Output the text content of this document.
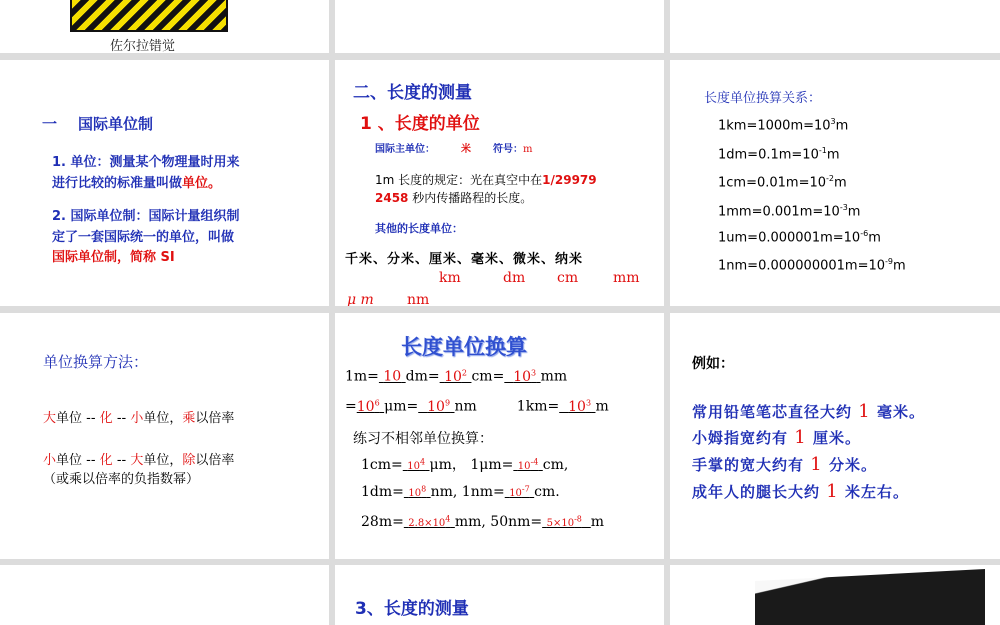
佐尔拉错觉
一 国际单位制
1. 单位：测量某个物理量时用来
进行比较的标准量叫做单位。
2. 国际单位制：国际计量组织制
定了一套国际统一的单位，叫做
国际单位制，简称 SI
二、长度的测量
1 、长度的单位
国际主单位：	米 符号：m
1m 长度的规定：光在真空中在1/29979
2458 秒内传播路程的长度。
其他的长度单位：
千米、分米、厘米、毫米、微米、纳米
km	dm cm mm
μ m nm
长度单位换算关系：
$1km=1000m=10^3m$
$1dm=0.1m=10^{-1}m$
$1cm=0.01m=10^{-2}m$
$1mm=0.001m=10^{-3}m$
$1um=0.000001m=10^{-6}m$
$1nm=0.000000001m=10^{-9}m$
单位换算方法：
大单位 -- 化 -- 小单位，乘以倍率
小单位 -- 化 -- 大单位，除以倍率
（或乘以倍率的负指数幂）
长度单位换算
1m= 10 $dm= 10^2$ $cm= 10^3$ mm
$=10^6$ $\mu m= 10^9$ nm	$1km= 10^3$ m
练习不相邻单位换算：
$1cm= 10^4$ μm， $1\mu m= 10^{-4}$ cm,
$1dm= 10^8$ nm, $1nm= 10^{-7}$ cm.
$28m= 2.8\times 10^4$ mm, $50nm= 5\times 10^{-8}$ m
例如：
常用铅笔笔芯直径大约 1 毫米。
小姆指宽约有 1 厘米。
手掌的宽大约有 1 分米。
成年人的腿长大约 1 米左右。
3、长度的测量
